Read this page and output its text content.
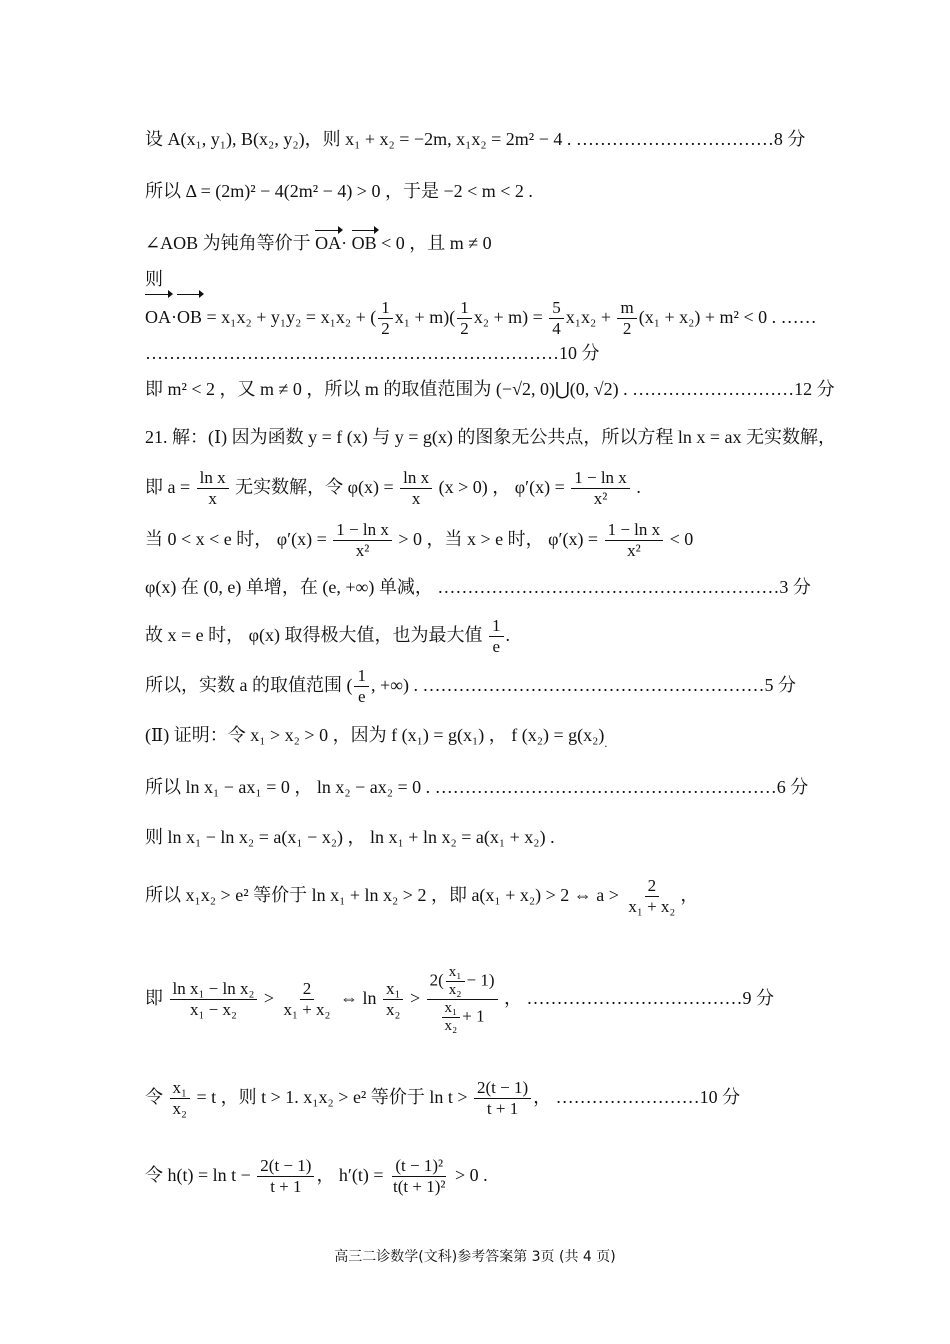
设 A(x₁, y₁), B(x₂, y₂)，则 x₁ + x₂ = −2m, x₁x₂ = 2m² − 4 . ……………………………8 分
所以 Δ = (2m)² − 4(2m² − 4) > 0 ，于是 −2 < m < 2 .
∠AOB 为钝角等价于 OA· OB < 0 ，且 m ≠ 0
则
OA·OB = x₁x₂ + y₁y₂ = x₁x₂ + ( $\frac{1}{2} x_1 + m)( \frac{1}{2} x_2 + m) = \frac{5}{4} x_1x_2 + \frac{m}{2} (x_1 + x_2) + m^2 < 0$ . ……
……………………………………………………………10 分
即 m² < 2 ，又 m ≠ 0 ，所以 m 的取值范围为 (−√2, 0)⋃(0, √2) . ………………………12 分
21. 解：(Ⅰ) 因为函数 y = f (x) 与 y = g(x) 的图象无公共点，所以方程 ln x = ax 无实数解，
即 $a = \frac{\text{ln x}}{x}$ 无实数解，令 $\varphi(x) = \frac{\text{ln x}}{x} (x > 0)$ ， $\varphi'(x) = \frac{\text{1 − ln x}}{\text{x²}}$ .
当 0 < x < e 时， $\varphi'(x) = \frac{\text{1 − ln x}}{\text{x²}} > 0$ ，当 x > e 时， $\varphi'(x) = \frac{\text{1 − ln x}}{\text{x²}} < 0$
φ(x) 在 (0, e) 单增，在 (e, +∞) 单减， …………………………………………………3 分
故 x = e 时， φ(x) 取得极大值，也为最大值 $\frac{1}{e}$ .
所以，实数 a 的取值范围 ( $\frac{1}{e}$ , +∞) . …………………………………………………5 分
(Ⅱ) 证明：令 x₁ > x₂ > 0 ，因为 f (x₁) = g(x₁) ， f $(x_2) = g(x_2)_.$
所以 ln x₁ − ax₁ = 0 ， ln x₂ − ax₂ = 0 . …………………………………………………6 分
则 ln x₁ − ln x₂ = a(x₁ − x₂) ， ln x₁ + ln x₂ = a(x₁ + x₂) .
所以 x₁x₂ > e² 等价于 ln x₁ + ln x₂ > 2 ，即 a(x₁ + x₂) > 2 ⇔ $a > \frac{2}{\text{x₁ + x₂}}$ ，
即 $\frac{\text{ln x₁ − ln x₂}}{\text{x₁ − x₂}} > \frac{2}{\text{x₁ + x₂}}$ ⇔ $\ln \frac{\text{x₁}}{\text{x₂}} > \frac{2( \frac{\text{x₁}}{\text{x₂}} - 1)}{\frac{\text{x₁}}{\text{x₂}} + 1}$ ， ………………………………9 分
令 $\frac{\text{x₁}}{\text{x₂}} = t$ ，则 t > 1. x₁x₂ > e² 等价于 $\ln t > \frac{2(t - 1)}{t + 1}$ ， ……………………10 分
令 $h(t) = \ln t - \frac{2(t - 1)}{t + 1}$ ， $h'(t) = \frac{\text{(t − 1)²}}{\text{t(t + 1)²}} > 0$ .
高三二诊数学(文科)参考答案第 3页 (共 4 页)
